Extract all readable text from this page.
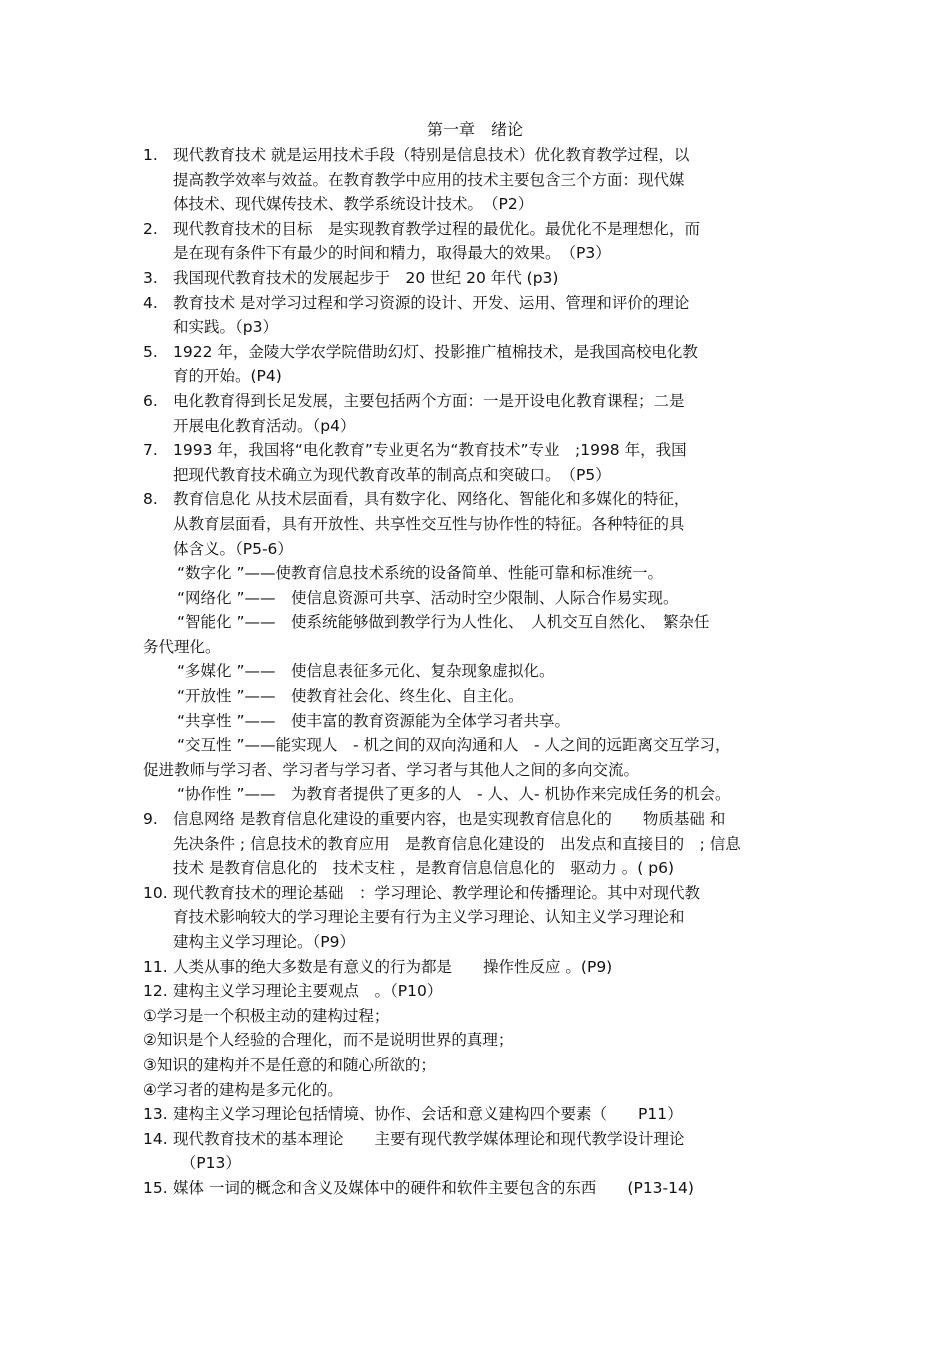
第一章　绪论
1. 现代教育技术 就是运用技术手段（特别是信息技术）优化教育教学过程，以
提高教学效率与效益。在教育教学中应用的技术主要包含三个方面：现代媒
体技术、现代媒传技术、教学系统设计技术。　（P2）
2. 现代教育技术的目标　是实现教育教学过程的最优化。最优化不是理想化，而
是在现有条件下有最少的时间和精力，取得最大的效果。　（P3）
3. 我国现代教育技术的发展起步于　20 世纪 20 年代 (p3)
4. 教育技术 是对学习过程和学习资源的设计、开发、运用、管理和评价的理论
和实践。（p3）
5. 1922 年，金陵大学农学院借助幻灯、投影推广植棉技术，是我国高校电化教
育的开始。(P4)
6. 电化教育得到长足发展，主要包括两个方面：一是开设电化教育课程；二是
开展电化教育活动。（p4）
7. 1993 年，我国将“电化教育”专业更名为“教育技术”专业　;1998 年，我国
把现代教育技术确立为现代教育改革的制高点和突破口。　（P5）
8. 教育信息化 从技术层面看，具有数字化、网络化、智能化和多媒化的特征，
从教育层面看，具有开放性、共享性交互性与协作性的特征。各种特征的具
体含义。（P5-6）
“数字化 ”——使教育信息技术系统的设备简单、性能可靠和标准统一。
“网络化 ”——　使信息资源可共享、活动时空少限制、人际合作易实现。
“智能化 ”——　使系统能够做到教学行为人性化、　人机交互自然化、　繁杂任
务代理化。
“多媒化 ”——　使信息表征多元化、复杂现象虚拟化。
“开放性 ”——　使教育社会化、终生化、自主化。
“共享性 ”——　使丰富的教育资源能为全体学习者共享。
“交互性 ”——能实现人　- 机之间的双向沟通和人　- 人之间的远距离交互学习，
促进教师与学习者、学习者与学习者、学习者与其他人之间的多向交流。
“协作性 ”——　为教育者提供了更多的人　- 人、人- 机协作来完成任务的机会。
9. 信息网络 是教育信息化建设的重要内容，也是实现教育信息化的　　物质基础 和
先决条件 ; 信息技术的教育应用　是教育信息化建设的　出发点和直接目的　; 信息
技术 是教育信息化的　技术支柱 ，是教育信息信息化的　驱动力 。( p6)
10. 现代教育技术的理论基础　：学习理论、教学理论和传播理论。其中对现代教
育技术影响较大的学习理论主要有行为主义学习理论、认知主义学习理论和
建构主义学习理论。（P9）
11. 人类从事的绝大多数是有意义的行为都是　　操作性反应 。(P9)
12. 建构主义学习理论主要观点　。（P10）
①学习是一个积极主动的建构过程；
②知识是个人经验的合理化，而不是说明世界的真理；
③知识的建构并不是任意的和随心所欲的；
④学习者的建构是多元化的。
13. 建构主义学习理论包括情境、协作、会话和意义建构四个要素（　　P11）
14. 现代教育技术的基本理论　　主要有现代教学媒体理论和现代教学设计理论
　（P13）
15. 媒体 一词的概念和含义及媒体中的硬件和软件主要包含的东西　　(P13-14)
